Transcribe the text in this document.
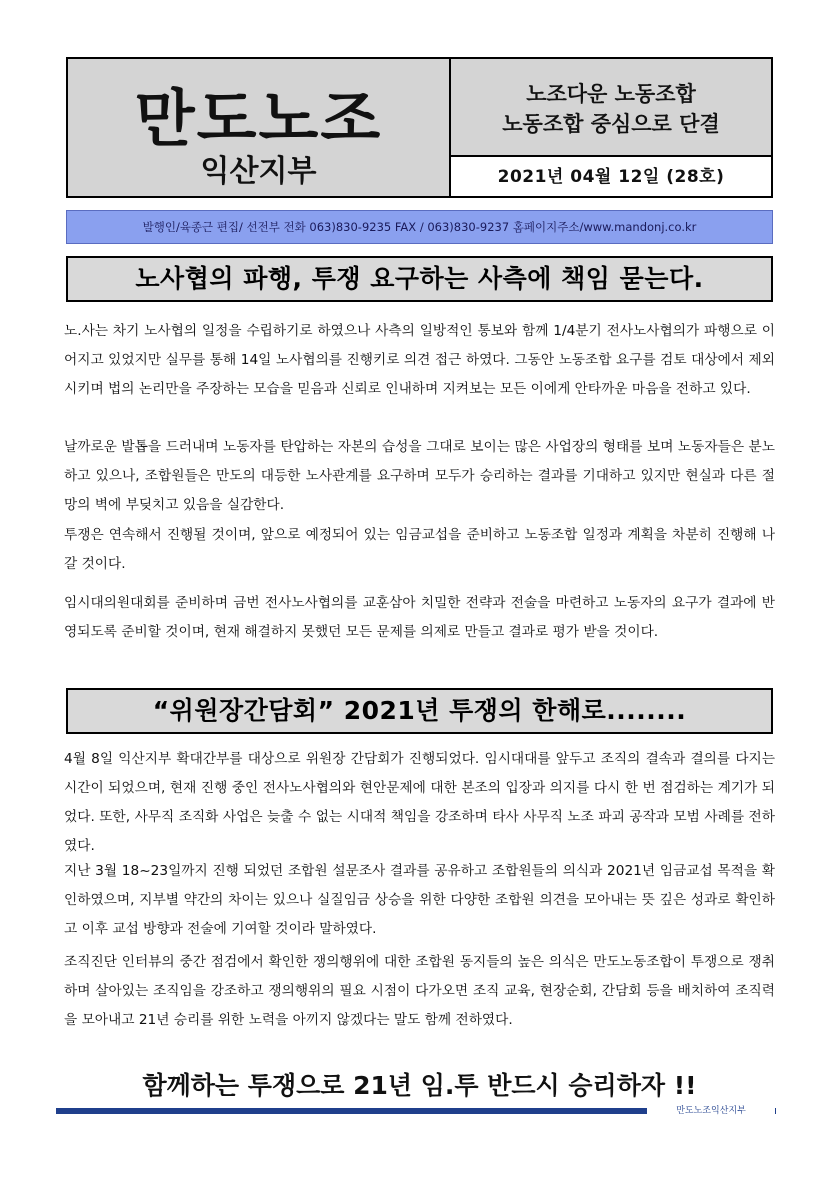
만도노조
익산지부
노조다운 노동조합
노동조합 중심으로 단결
2021년 04월 12일 (28호)
발행인/육종근 편집/ 선전부 전화 063)830-9235 FAX / 063)830-9237 홈페이지주소/www.mandonj.co.kr
노사협의 파행, 투쟁 요구하는 사측에 책임 묻는다.

노.사는 차기 노사협의 일정을 수립하기로 하였으나 사측의 일방적인 통보와 함께 1/4분기 전사노사협의가 파행으로 이어지고 있었지만 실무를 통해 14일 노사협의를 진행키로 의견 접근 하였다. 그동안 노동조합 요구를 검토 대상에서 제외시키며 법의 논리만을 주장하는 모습을 믿음과 신뢰로 인내하며 지켜보는 모든 이에게 안타까운 마음을 전하고 있다.

날까로운 발톱을 드러내며 노동자를 탄압하는 자본의 습성을 그대로 보이는 많은 사업장의 형태를 보며 노동자들은 분노하고 있으나, 조합원들은 만도의 대등한 노사관계를 요구하며 모두가 승리하는 결과를 기대하고 있지만 현실과 다른 절망의 벽에 부딪치고 있음을 실감한다.

투쟁은 연속해서 진행될 것이며, 앞으로 예정되어 있는 임금교섭을 준비하고 노동조합 일정과 계획을 차분히 진행해 나갈 것이다.

임시대의원대회를 준비하며 금번 전사노사협의를 교훈삼아 치밀한 전략과 전술을 마련하고 노동자의 요구가 결과에 반영되도록 준비할 것이며, 현재 해결하지 못했던 모든 문제를 의제로 만들고 결과로 평가 받을 것이다.

“위원장간담회” 2021년 투쟁의 한해로........

4월 8일 익산지부 확대간부를 대상으로 위원장 간담회가 진행되었다. 임시대대를 앞두고 조직의 결속과 결의를 다지는 시간이 되었으며, 현재 진행 중인 전사노사협의와 현안문제에 대한 본조의 입장과 의지를 다시 한 번 점검하는 계기가 되었다. 또한, 사무직 조직화 사업은 늦출 수 없는 시대적 책임을 강조하며 타사 사무직 노조 파괴 공작과 모범 사례를 전하였다.

지난 3월 18~23일까지 진행 되었던 조합원 설문조사 결과를 공유하고 조합원들의 의식과 2021년 임금교섭 목적을 확인하였으며, 지부별 약간의 차이는 있으나 실질임금 상승을 위한 다양한 조합원 의견을 모아내는 뜻 깊은 성과로 확인하고 이후 교섭 방향과 전술에 기여할 것이라 말하였다.

조직진단 인터뷰의 중간 점검에서 확인한 쟁의행위에 대한 조합원 동지들의 높은 의식은 만도노동조합이 투쟁으로 쟁취하며 살아있는 조직임을 강조하고 쟁의행위의 필요 시점이 다가오면 조직 교육, 현장순회, 간담회 등을 배치하여 조직력을 모아내고 21년 승리를 위한 노력을 아끼지 않겠다는 말도 함께 전하였다.

함께하는 투쟁으로 21년 임.투 반드시 승리하자 !!
만도노조익산지부
